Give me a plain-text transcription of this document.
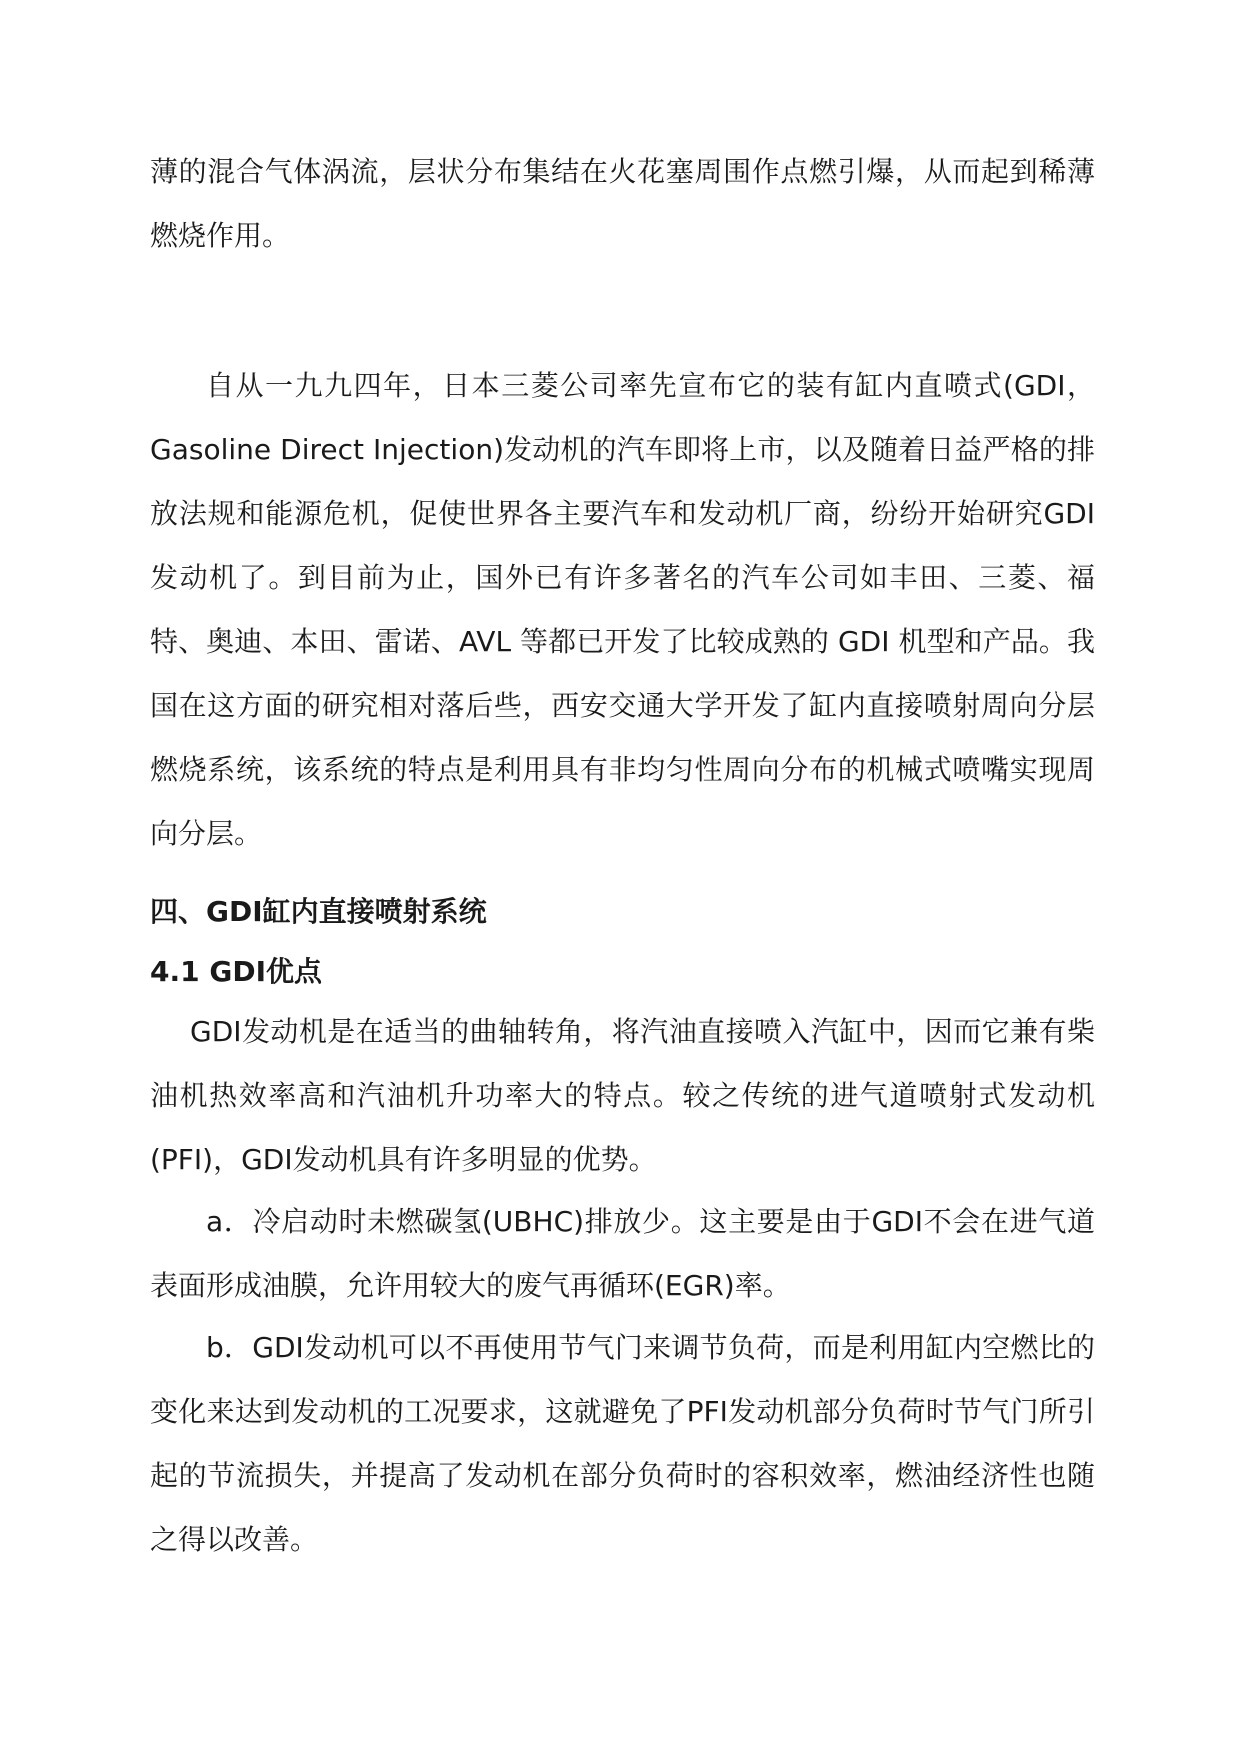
薄的混合气体涡流，层状分布集结在火花塞周围作点燃引爆，从而起到稀薄燃烧作用。

自从一九九四年，日本三菱公司率先宣布它的装有缸内直喷式(GDI，Gasoline Direct Injection)发动机的汽车即将上市，以及随着日益严格的排放法规和能源危机，促使世界各主要汽车和发动机厂商，纷纷开始研究GDI 发动机了。到目前为止，国外已有许多著名的汽车公司如丰田、三菱、福特、奥迪、本田、雷诺、AVL 等都已开发了比较成熟的 GDI 机型和产品。我国在这方面的研究相对落后些，西安交通大学开发了缸内直接喷射周向分层燃烧系统，该系统的特点是利用具有非均匀性周向分布的机械式喷嘴实现周向分层。

四、GDI缸内直接喷射系统
4.1 GDI优点

GDI发动机是在适当的曲轴转角，将汽油直接喷入汽缸中，因而它兼有柴油机热效率高和汽油机升功率大的特点。较之传统的进气道喷射式发动机(PFI)，GDI发动机具有许多明显的优势。

a．冷启动时未燃碳氢(UBHC)排放少。这主要是由于GDI不会在进气道表面形成油膜，允许用较大的废气再循环(EGR)率。

b．GDI发动机可以不再使用节气门来调节负荷，而是利用缸内空燃比的变化来达到发动机的工况要求，这就避免了PFI发动机部分负荷时节气门所引起的节流损失，并提高了发动机在部分负荷时的容积效率，燃油经济性也随之得以改善。
